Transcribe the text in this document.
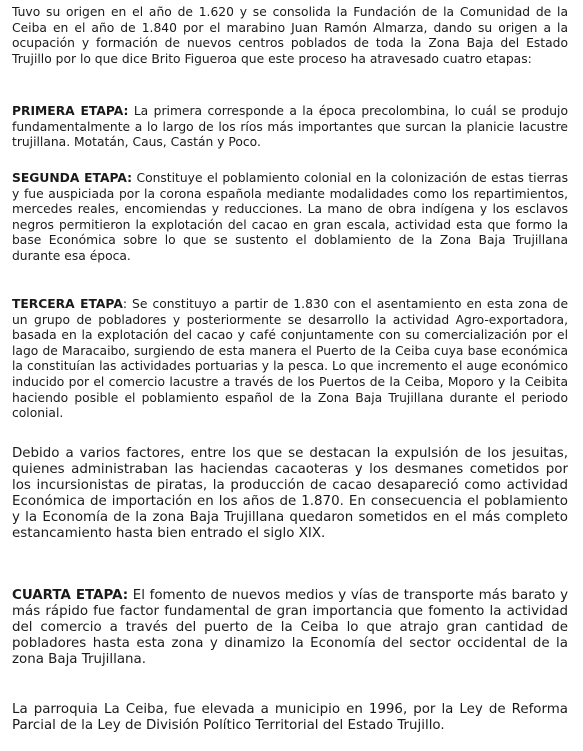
Tuvo su origen en el año de 1.620 y se consolida la Fundación de la Comunidad de la Ceiba en el año de 1.840 por el marabino Juan Ramón Almarza, dando su origen a la ocupación y formación de nuevos centros poblados de toda la Zona Baja del Estado Trujillo por lo que dice Brito Figueroa que este proceso ha atravesado cuatro etapas:

PRIMERA ETAPA: La primera corresponde a la época precolombina, lo cuál se produjo fundamentalmente a lo largo de los ríos más importantes que surcan la planicie lacustre trujillana. Motatán, Caus, Castán y Poco.

SEGUNDA ETAPA: Constituye el poblamiento colonial en la colonización de estas tierras y fue auspiciada por la corona española mediante modalidades como los repartimientos, mercedes reales, encomiendas y reducciones. La mano de obra indígena y los esclavos negros permitieron la explotación del cacao en gran escala, actividad esta que formo la base Económica sobre lo que se sustento el doblamiento de la Zona Baja Trujillana durante esa época.

TERCERA ETAPA: Se constituyo a partir de 1.830 con el asentamiento en esta zona de un grupo de pobladores y posteriormente se desarrollo la actividad Agro-exportadora, basada en la explotación del cacao y café conjuntamente con su comercialización por el lago de Maracaibo, surgiendo de esta manera el Puerto de la Ceiba cuya base económica la constituían las actividades portuarias y la pesca. Lo que incremento el auge económico inducido por el comercio lacustre a través de los Puertos de la Ceiba, Moporo y la Ceibita haciendo posible el poblamiento español de la Zona Baja Trujillana durante el periodo colonial.

Debido a varios factores, entre los que se destacan la expulsión de los jesuitas, quienes administraban las haciendas cacaoteras y los desmanes cometidos por los incursionistas de piratas, la producción de cacao desapareció como actividad Económica de importación en los años de 1.870. En consecuencia el poblamiento y la Economía de la zona Baja Trujillana quedaron sometidos en el más completo estancamiento hasta bien entrado el siglo XIX.

CUARTA ETAPA: El fomento de nuevos medios y vías de transporte más barato y más rápido fue factor fundamental de gran importancia que fomento la actividad del comercio a través del puerto de la Ceiba lo que atrajo gran cantidad de pobladores hasta esta zona y dinamizo la Economía del sector occidental de la zona Baja Trujillana.

La parroquia La Ceiba, fue elevada a municipio en 1996, por la Ley de Reforma Parcial de la Ley de División Político Territorial del Estado Trujillo.
